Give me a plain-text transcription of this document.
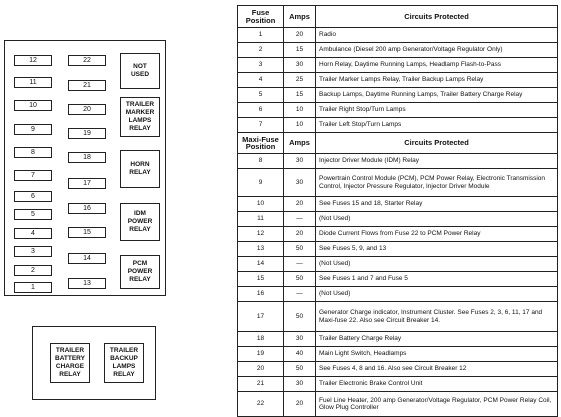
Fuse
Position	Amps	Circuits Protected
1	20	Radio
2	15	Ambulance (Diesel 200 amp Generator/Voltage Regulator Only)
3	30	Horn Relay, Daytime Running Lamps, Headlamp Flash-to-Pass
4	25	Trailer Marker Lamps Relay, Trailer Backup Lamps Relay
5	15	Backup Lamps, Daytime Running Lamps, Trailer Battery Charge Relay
6	10	Trailer Right Stop/Turn Lamps
7	10	Trailer Left Stop/Turn Lamps
Maxi-Fuse
Position	Amps	Circuits Protected
8	30	Injector Driver Module (IDM) Relay
9	30	Powertrain Control Module (PCM), PCM Power Relay, Electronic Transmission Control, Injector Pressure Regulator, Injector Driver Module
10	20	See Fuses 15 and 18, Starter Relay
11	—	(Not Used)
12	20	Diode Current Flows from Fuse 22 to PCM Power Relay
13	50	See Fuses 5, 9, and 13
14	—	(Not Used)
15	50	See Fuses 1 and 7 and Fuse 5
16	—	(Not Used)
17	50	Generator Charge indicator, Instrument Cluster. See Fuses 2, 3, 6, 11, 17 and Maxi-fuse 22. Also see Circuit Breaker 14.
18	30	Trailer Battery Charge Relay
19	40	Main Light Switch, Headlamps
20	50	See Fuses 4, 8 and 16. Also see Circuit Breaker 12
21	30	Trailer Electronic Brake Control Unit
22	20	Fuel Line Heater, 200 amp Generator/Voltage Regulator, PCM Power Relay Coil, Glow Plug Controller
12
11
10
9
8
7
6
5
4
3
2
1
22
21
20
19
18
17
16
15
14
13
NOT
USED
TRAILER
MARKER
LAMPS
RELAY
HORN
RELAY
IDM
POWER
RELAY
PCM
POWER
RELAY
TRAILER
BATTERY
CHARGE
RELAY
TRAILER
BACKUP
LAMPS
RELAY
